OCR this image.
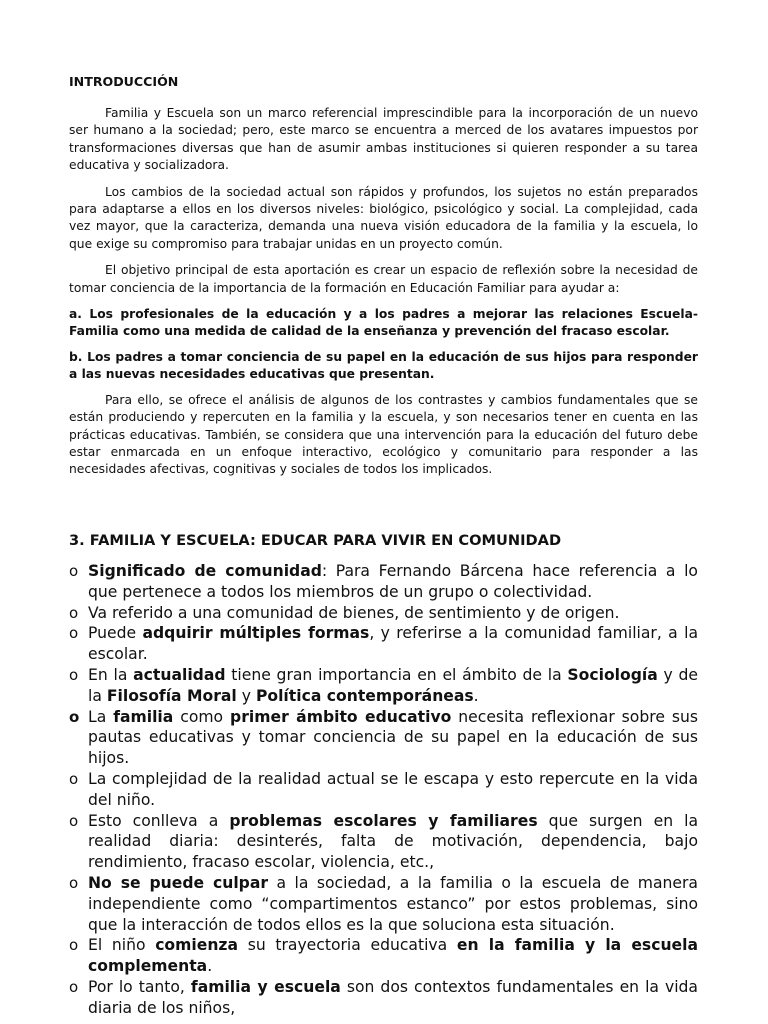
INTRODUCCIÓN

Familia y Escuela son un marco referencial imprescindible para la incorporación de un nuevo ser humano a la sociedad; pero, este marco se encuentra a merced de los avatares impuestos por transformaciones diversas que han de asumir ambas instituciones si quieren responder a su tarea educativa y socializadora.

Los cambios de la sociedad actual son rápidos y profundos, los sujetos no están preparados para adaptarse a ellos en los diversos niveles: biológico, psicológico y social. La complejidad, cada vez mayor, que la caracteriza, demanda una nueva visión educadora de la familia y la escuela, lo que exige su compromiso para trabajar unidas en un proyecto común.

El objetivo principal de esta aportación es crear un espacio de reflexión sobre la necesidad de tomar conciencia de la importancia de la formación en Educación Familiar para ayudar a:

a. Los profesionales de la educación y a los padres a mejorar las relaciones Escuela-Familia como una medida de calidad de la enseñanza y prevención del fracaso escolar.

b. Los padres a tomar conciencia de su papel en la educación de sus hijos para responder a las nuevas necesidades educativas que presentan.

Para ello, se ofrece el análisis de algunos de los contrastes y cambios fundamentales que se están produciendo y repercuten en la familia y la escuela, y son necesarios tener en cuenta en las prácticas educativas. También, se considera que una intervención para la educación del futuro debe estar enmarcada en un enfoque interactivo, ecológico y comunitario para responder a las necesidades afectivas, cognitivas y sociales de todos los implicados.

3. FAMILIA Y ESCUELA: EDUCAR PARA VIVIR EN COMUNIDAD
o Significado de comunidad: Para Fernando Bárcena hace referencia a lo que pertenece a todos los miembros de un grupo o colectividad.
o Va referido a una comunidad de bienes, de sentimiento y de origen.
o Puede adquirir múltiples formas, y referirse a la comunidad familiar, a la escolar.
o En la actualidad tiene gran importancia en el ámbito de la Sociología y de la Filosofía Moral y Política contemporáneas.
o La familia como primer ámbito educativo necesita reflexionar sobre sus pautas educativas y tomar conciencia de su papel en la educación de sus hijos.
o La complejidad de la realidad actual se le escapa y esto repercute en la vida del niño.
o Esto conlleva a problemas escolares y familiares que surgen en la realidad diaria: desinterés, falta de motivación, dependencia, bajo rendimiento, fracaso escolar, violencia, etc.,
o No se puede culpar a la sociedad, a la familia o la escuela de manera independiente como “compartimentos estanco” por estos problemas, sino que la interacción de todos ellos es la que soluciona esta situación.
o El niño comienza su trayectoria educativa en la familia y la escuela complementa.
o Por lo tanto, familia y escuela son dos contextos fundamentales en la vida diaria de los niños,
